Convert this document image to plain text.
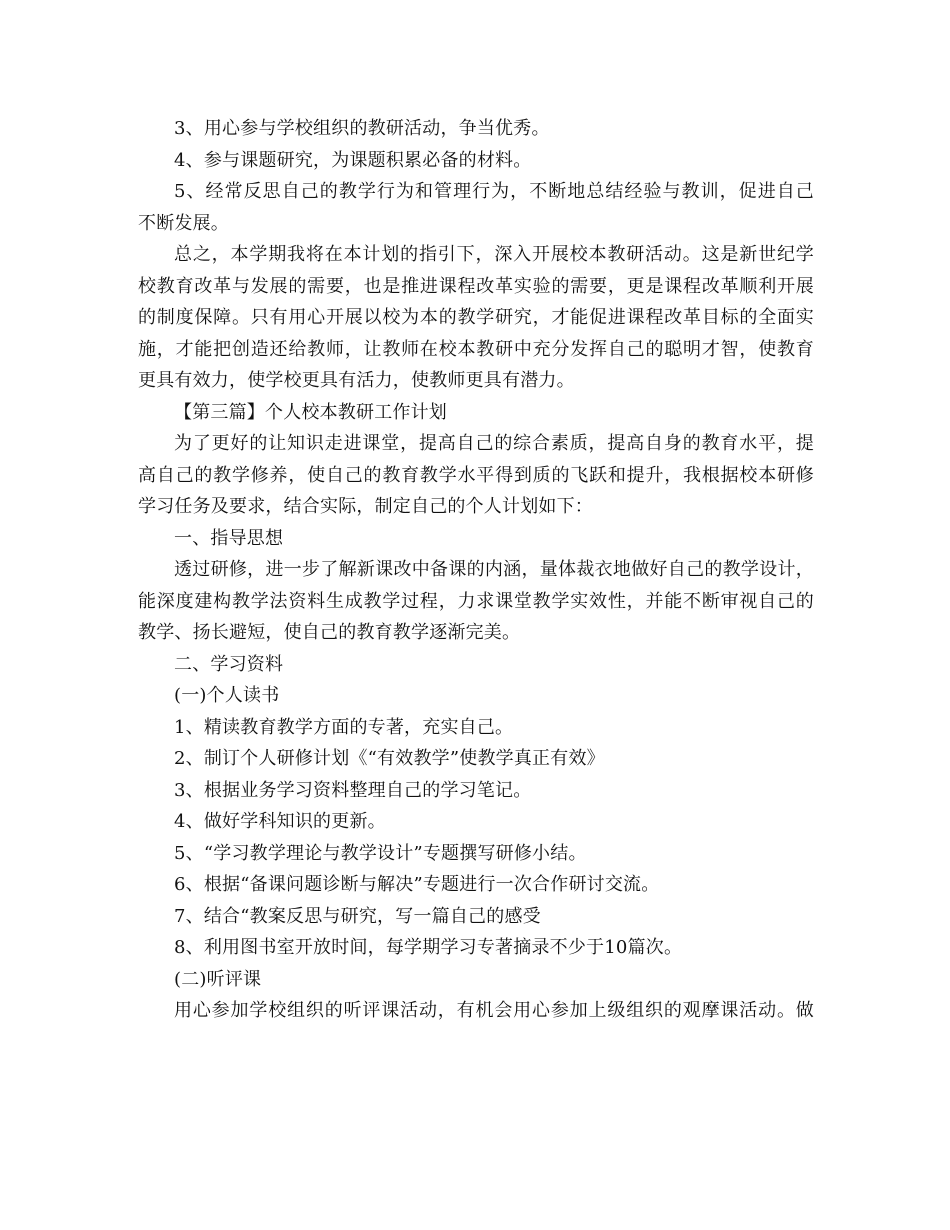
3、用心参与学校组织的教研活动，争当优秀。
4、参与课题研究，为课题积累必备的材料。
5、经常反思自己的教学行为和管理行为，不断地总结经验与教训，促进自己
不断发展。
总之，本学期我将在本计划的指引下，深入开展校本教研活动。这是新世纪学
校教育改革与发展的需要，也是推进课程改革实验的需要，更是课程改革顺利开展
的制度保障。只有用心开展以校为本的教学研究，才能促进课程改革目标的全面实
施，才能把创造还给教师，让教师在校本教研中充分发挥自己的聪明才智，使教育
更具有效力，使学校更具有活力，使教师更具有潜力。
【第三篇】个人校本教研工作计划
为了更好的让知识走进课堂，提高自己的综合素质，提高自身的教育水平，提
高自己的教学修养，使自己的教育教学水平得到质的飞跃和提升，我根据校本研修
学习任务及要求，结合实际，制定自己的个人计划如下：
一、指导思想
透过研修，进一步了解新课改中备课的内涵，量体裁衣地做好自己的教学设计，
能深度建构教学法资料生成教学过程，力求课堂教学实效性，并能不断审视自己的
教学、扬长避短，使自己的教育教学逐渐完美。
二、学习资料
(一)个人读书
1、精读教育教学方面的专著，充实自己。
2、制订个人研修计划《“有效教学”使教学真正有效》
3、根据业务学习资料整理自己的学习笔记。
4、做好学科知识的更新。
5、“学习教学理论与教学设计”专题撰写研修小结。
6、根据“备课问题诊断与解决”专题进行一次合作研讨交流。
7、结合“教案反思与研究，写一篇自己的感受
8、利用图书室开放时间，每学期学习专著摘录不少于10篇次。
(二)听评课
用心参加学校组织的听评课活动，有机会用心参加上级组织的观摩课活动。做
